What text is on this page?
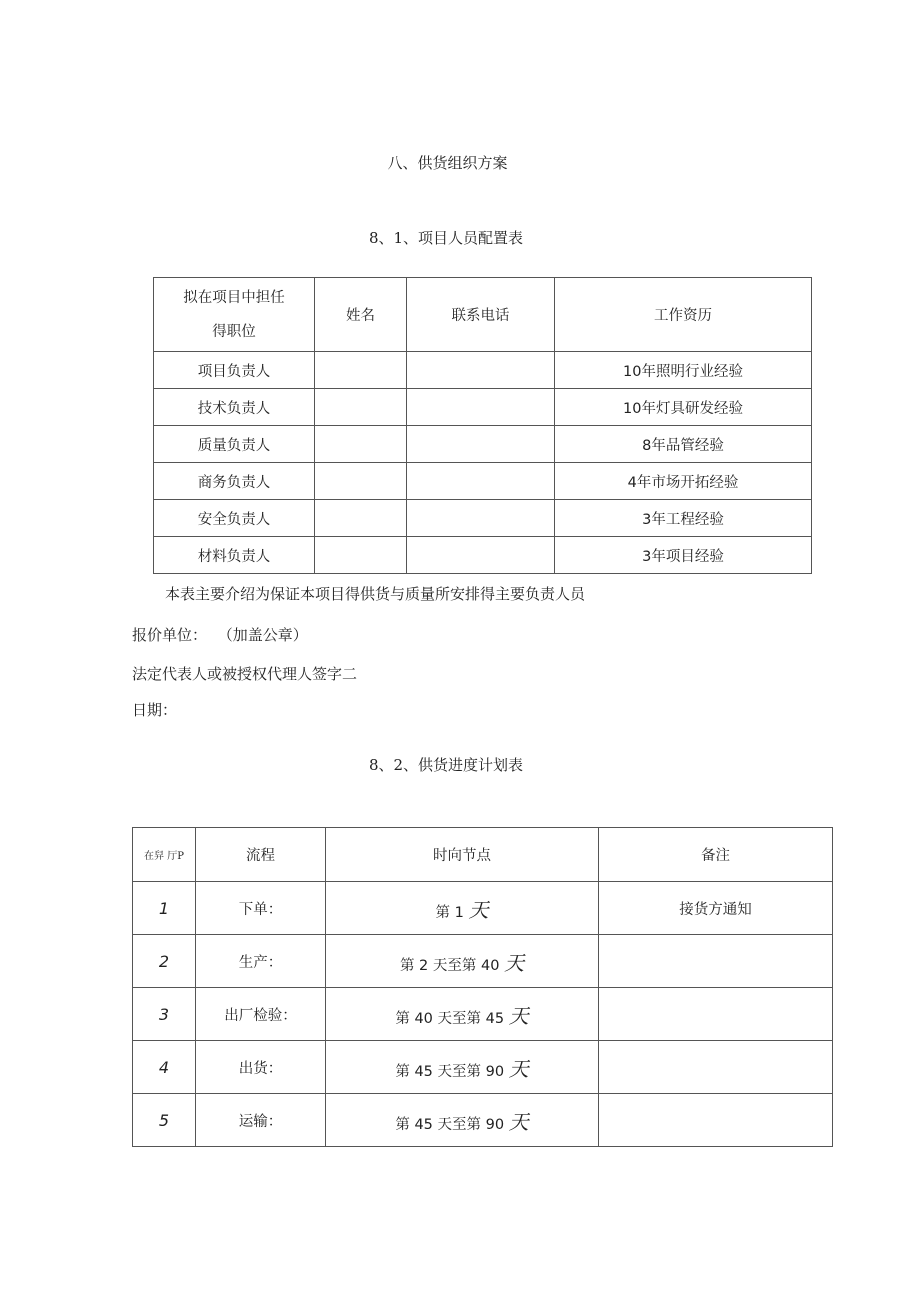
八、供货组织方案
8、1、项目人员配置表
拟在项目中担任
得职位	姓名	联系电话	工作资历
项目负责人			10年照明行业经验
技术负责人			10年灯具研发经验
质量负责人			8年品管经验
商务负责人			4年市场开拓经验
安全负责人			3年工程经验
材料负责人			3年项目经验
本表主要介绍为保证本项目得供货与质量所安排得主要负责人员
报价单位： （加盖公章）
法定代表人或被授权代理人签字二
日期：
8、2、供货进度计划表
在舁 厅P	流程	时向节点	备注
1	下单：	第 1 天	接货方通知
2	生产：	第 2 天至第 40 天	
3	出厂检验：	第 40 天至第 45 天	
4	出货：	第 45 天至第 90 天	
5	运输：	第 45 天至第 90 天	
